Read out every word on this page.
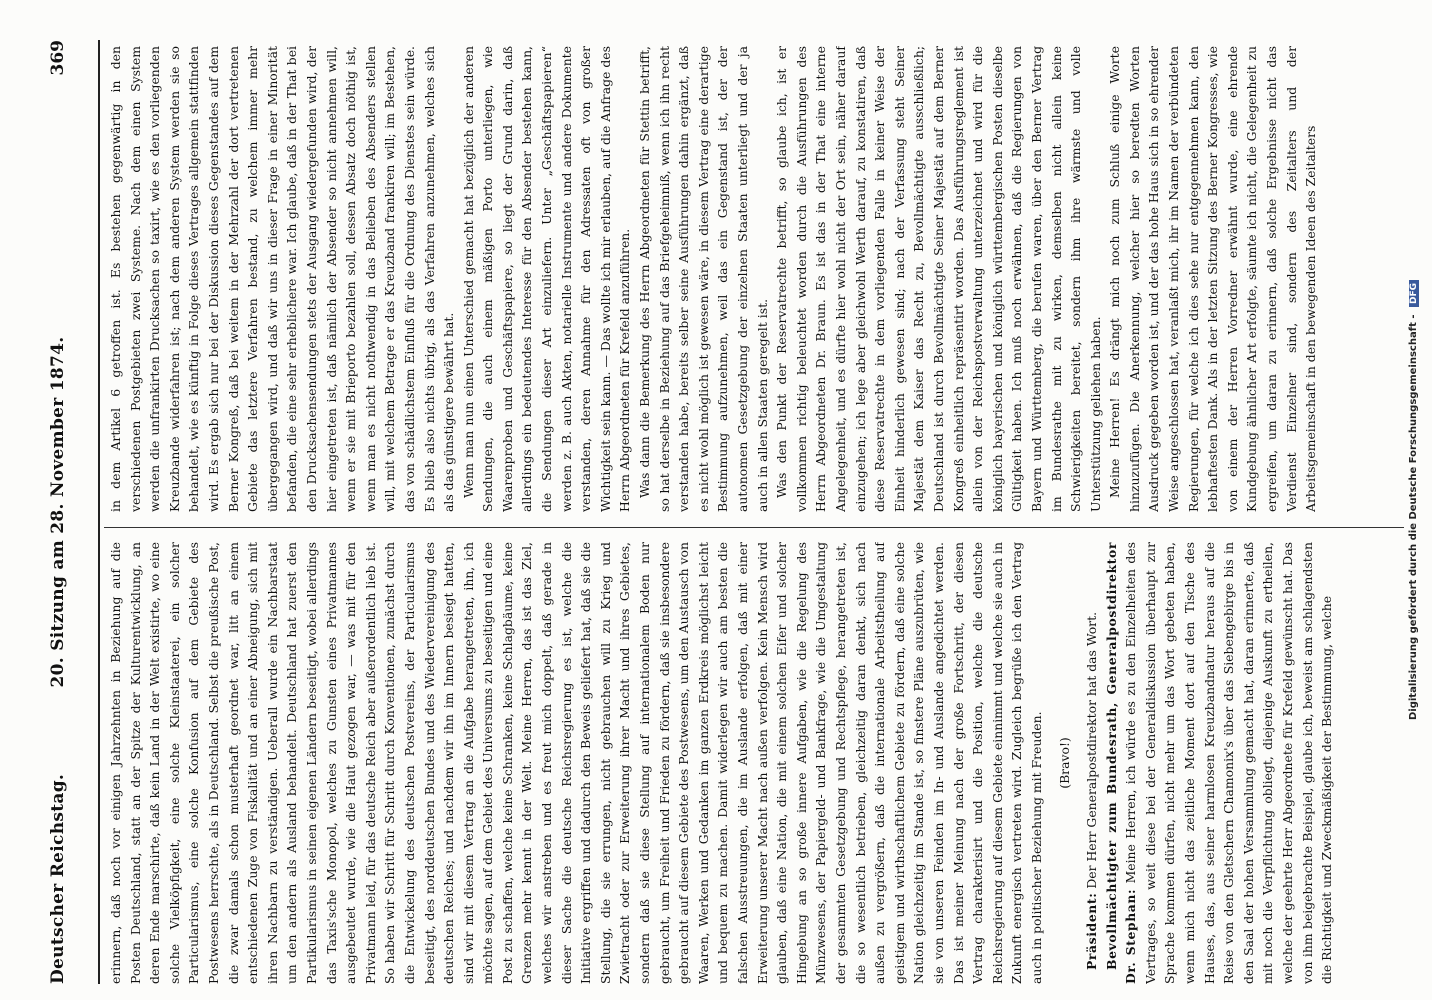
Deutscher Reichstag.
20. Sitzung am 28. November 1874.
369

erinnern, daß noch vor einigen Jahrzehnten in Beziehung auf die Posten Deutschland, statt an der Spitze der Kulturentwicklung, an deren Ende marschirte, daß kein Land in der Welt existirte, wo eine solche Vielköpfigkeit, eine solche Kleinstaaterei, ein solcher Particularismus, eine solche Konfusion auf dem Gebiete des Postwesens herrschte, als in Deutschland. Selbst die preußische Post, die zwar damals schon musterhaft geordnet war, litt an einem entschiedenen Zuge von Fiskalität und an einer Abneigung, sich mit ihren Nachbarn zu verständigen. Ueberall wurde ein Nachbarstaat um den andern als Ausland behandelt. Deutschland hat zuerst den Partikularismus in seinen eigenen Ländern beseitigt, wobei allerdings das Taxis'sche Monopol, welches zu Gunsten eines Privatmannes ausgebeutet wurde, wie die Haut gezogen war, — was mit für den Privatmann leid, für das deutsche Reich aber außerordentlich lieb ist. So haben wir Schritt für Schritt durch Konventionen, zunächst durch die Entwickelung des deutschen Postvereins, der Particularismus beseitigt, des norddeutschen Bundes und des Wiedervereinigung des deutschen Reiches; und nachdem wir ihn im Innern besiegt hatten, sind wir mit diesem Vertrag an die Aufgabe herangetreten, ihn, ich möchte sagen, auf dem Gebiet des Universums zu beseitigen und eine Post zu schaffen, welche keine Schranken, keine Schlagbäume, keine Grenzen mehr kennt in der Welt. Meine Herren, das ist das Ziel, welches wir anstreben und es freut mich doppelt, daß gerade in dieser Sache die deutsche Reichsregierung es ist, welche die Initiative ergriffen und dadurch den Beweis geliefert hat, daß sie die Stellung, die sie errungen, nicht gebrauchen will zu Krieg und Zwietracht oder zur Erweiterung ihrer Macht und ihres Gebietes, sondern daß sie diese Stellung auf internationalem Boden nur gebraucht, um Freiheit und Frieden zu fördern, daß sie insbesondere gebraucht auf diesem Gebiete des Postwesens, um den Austausch von Waaren, Werken und Gedanken im ganzen Erdkreis möglichst leicht und bequem zu machen. Damit widerlegen wir auch am besten die falschen Ausstreuungen, die im Auslande erfolgen, daß mit einer Erweiterung unserer Macht nach außen verfolgen. Kein Mensch wird glauben, daß eine Nation, die mit einem solchen Eifer und solcher Hingebung an so große innere Aufgaben, wie die Regelung des Münzwesens, der Papiergeld- und Bankfrage, wie die Umgestaltung der gesammten Gesetzgebung und Rechtspflege, herangetreten ist, die so wesentlich betrieben, gleichzeitig daran denkt, sich nach außen zu vergrößern, daß die internationale Arbeitstheilung auf geistigem und wirthschaftlichem Gebiete zu fördern, daß eine solche Nation gleichzeitig im Stande ist, so finstere Pläne auszubrüten, wie sie von unseren Feinden im In- und Auslande angedichtet werden. Das ist meiner Meinung nach der große Fortschritt, der diesen Vertrag charakterisirt und die Position, welche die deutsche Reichsregierung auf diesem Gebiete einnimmt und welche sie auch in Zukunft energisch vertreten wird. Zugleich begrüße ich den Vertrag auch in politischer Beziehung mit Freuden. (Bravo!)

Präsident: Der Herr Generalpostdirektor hat das Wort. Bevollmächtigter zum Bundesrath, Generalpostdirektor Dr. Stephan: Meine Herren, ich würde es zu den Einzelheiten des Vertrages, so weit diese bei der Generaldiskussion überhaupt zur Sprache kommen dürfen, nicht mehr um das Wort gebeten haben, wenn mich nicht das zeitliche Moment dort auf den Tische des Hauses, das, aus seiner harmlosen Kreuzbandnatur heraus auf die Reise von den Gletschern Chamonix's über das Siebengebirge bis in den Saal der hohen Versammlung gemacht hat, daran erinnerte, daß mit noch die Verpflichtung obliegt, diejenige Auskunft zu ertheilen, welche der geehrte Herr Abgeordnete für Krefeld gewünscht hat. Das von ihm beigebrachte Beispiel, glaube ich, beweist am schlagendsten die Richtigkeit und Zweckmäßigkeit der Bestimmung, welche

in dem Artikel 6 getroffen ist. Es bestehen gegenwärtig in den verschiedenen Postgebieten zwei Systeme. Nach dem einen System werden die unfrankirten Drucksachen so taxirt, wie es den vorliegenden Kreuzbande widerfahren ist; nach dem anderen System werden sie so behandelt, wie es künftig in Folge dieses Vertrages allgemein stattfinden wird. Es ergab sich nur bei der Diskussion dieses Gegenstandes auf dem Berner Kongreß, daß bei weitem in der Mehrzahl der dort vertretenen Gebiete das letztere Verfahren bestand, zu welchem immer mehr übergegangen wird, und daß wir uns in dieser Frage in einer Minorität befanden, die eine sehr erheblichere war. Ich glaube, daß in der That bei den Drucksachensendungen stets der Ausgang wiedergefunden wird, der hier eingetreten ist, daß nämlich der Absender so nicht annehmen will, wenn er sie mit Brieporto bezahlen soll, dessen Absatz doch nöthig ist, wenn man es nicht nothwendig in das Belieben des Absenders stellen will, mit welchem Betrage er das Kreuzband frankiren will; im Bestehen, das von schädlichstem Einfluß für die Ordnung des Dienstes sein würde. Es blieb also nichts übrig, als das Verfahren anzunehmen, welches sich als das günstigere bewährt hat. Wenn man nun einen Unterschied gemacht hat bezüglich der anderen Sendungen, die auch einem mäßigen Porto unterliegen, wie Waarenproben und Geschäftspapiere, so liegt der Grund darin, daß allerdings ein bedeutendes Interesse für den Absender bestehen kann, die Sendungen dieser Art einzuliefern. Unter „Geschäftspapieren“ werden z. B. auch Akten, notarielle Instrumente und andere Dokumente verstanden, deren Annahme für den Adressaten oft von großer Wichtigkeit sein kann. — Das wollte ich mir erlauben, auf die Anfrage des Herrn Abgeordneten für Krefeld anzuführen. Was dann die Bemerkung des Herrn Abgeordneten für Stettin betrifft, so hat derselbe in Beziehung auf das Briefgeheimniß, wenn ich ihn recht verstanden habe, bereits selber seine Ausführungen dahin ergänzt, daß es nicht wohl möglich ist gewesen wäre, in diesem Vertrag eine derartige Bestimmung aufzunehmen, weil das ein Gegenstand ist, der der autonomen Gesetzgebung der einzelnen Staaten unterliegt und der ja auch in allen Staaten geregelt ist. Was den Punkt der Reservatrechte betrifft, so glaube ich, ist er vollkommen richtig beleuchtet worden durch die Ausführungen des Herrn Abgeordneten Dr. Braun. Es ist das in der That eine interne Angelegenheit, und es dürfte hier wohl nicht der Ort sein, näher darauf einzugehen; ich lege aber gleichwohl Werth darauf, zu konstatiren, daß diese Reservatrechte in dem vorliegenden Falle in keiner Weise der Einheit hinderlich gewesen sind; nach der Verfassung steht Seiner Majestät dem Kaiser das Recht zu, Bevollmächtigte ausschließlich; Deutschland ist durch Bevollmächtigte Seiner Majestät auf dem Berner Kongreß einheitlich repräsentirt worden. Das Ausführungsreglement ist allein von der Reichspostverwaltung unterzeichnet und wird für die königlich bayerischen und königlich württembergischen Posten dieselbe Gültigkeit haben. Ich muß noch erwähnen, daß die Regierungen von Bayern und Württemberg, die berufen waren, über den Berner Vertrag im Bundesrathe mit zu wirken, demselben nicht allein keine Schwierigkeiten bereitet, sondern ihm ihre wärmste und volle Unterstützung geliehen haben. Meine Herren! Es drängt mich noch zum Schluß einige Worte hinzuzufügen. Die Anerkennung, welcher hier so beredten Worten Ausdruck gegeben worden ist, und der das hohe Haus sich in so ehrender Weise angeschlossen hat, veranlaßt mich, ihr im Namen der verbündeten Regierungen, für welche ich dies sehe nur entgegennehmen kann, den lebhaftesten Dank. Als in der letzten Sitzung des Berner Kongresses, wie von einem der Herren Vorredner erwähnt wurde, eine ehrende Kundgebung ähnlicher Art erfolgte, säumte ich nicht, die Gelegenheit zu ergreifen, um daran zu erinnern, daß solche Ergebnisse nicht das Verdienst Einzelner sind, sondern des Zeitalters und der Arbeitsgemeinschaft in den bewegenden Ideen des Zeitalters	Digitalisierung gefördert durch die Deutsche Forschungsgemeinschaft - DFG
